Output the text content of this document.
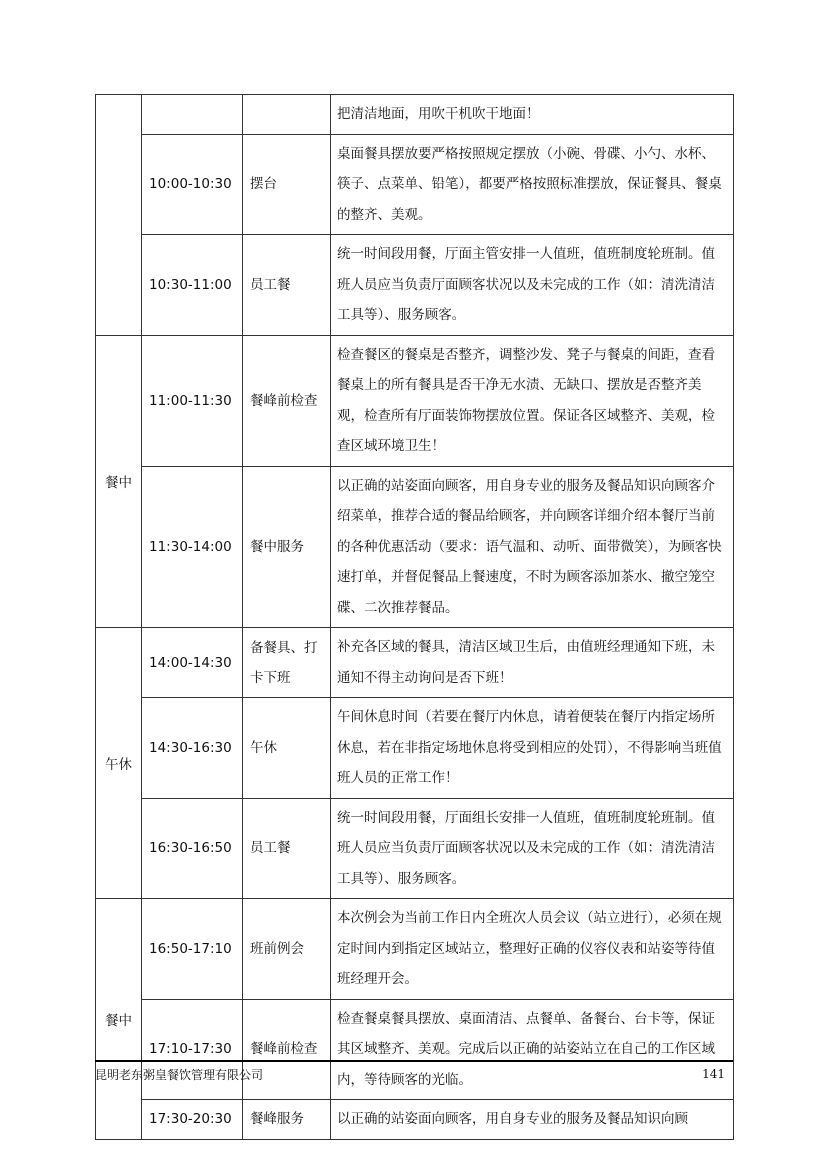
			把清洁地面，用吹干机吹干地面！
	10:00-10:30	摆台	桌面餐具摆放要严格按照规定摆放（小碗、骨碟、小勺、水杯、筷子、点菜单、铅笔），都要严格按照标准摆放，保证餐具、餐桌的整齐、美观。
	10:30-11:00	员工餐	统一时间段用餐，厅面主管安排一人值班，值班制度轮班制。值班人员应当负责厅面顾客状况以及未完成的工作（如：清洗清洁工具等）、服务顾客。
餐中	11:00-11:30	餐峰前检查	检查餐区的餐桌是否整齐，调整沙发、凳子与餐桌的间距，查看餐桌上的所有餐具是否干净无水渍、无缺口、摆放是否整齐美观，检查所有厅面装饰物摆放位置。保证各区域整齐、美观，检查区域环境卫生！
	11:30-14:00	餐中服务	以正确的站姿面向顾客，用自身专业的服务及餐品知识向顾客介绍菜单，推荐合适的餐品给顾客，并向顾客详细介绍本餐厅当前的各种优惠活动（要求：语气温和、动听、面带微笑），为顾客快速打单，并督促餐品上餐速度，不时为顾客添加茶水、撤空笼空碟、二次推荐餐品。
午休	14:00-14:30	备餐具、打卡下班	补充各区域的餐具，清洁区域卫生后，由值班经理通知下班，未通知不得主动询问是否下班！
	14:30-16:30	午休	午间休息时间（若要在餐厅内休息，请着便装在餐厅内指定场所休息，若在非指定场地休息将受到相应的处罚），不得影响当班值班人员的正常工作！
	16:30-16:50	员工餐	统一时间段用餐，厅面组长安排一人值班，值班制度轮班制。值班人员应当负责厅面顾客状况以及未完成的工作（如：清洗清洁工具等）、服务顾客。
餐中	16:50-17:10	班前例会	本次例会为当前工作日内全班次人员会议（站立进行），必须在规定时间内到指定区域站立，整理好正确的仪容仪表和站姿等待值班经理开会。
	17:10-17:30	餐峰前检查	检查餐桌餐具摆放、桌面清洁、点餐单、备餐台、台卡等，保证其区域整齐、美观。完成后以正确的站姿站立在自己的工作区域内，等待顾客的光临。
	17:30-20:30	餐峰服务	以正确的站姿面向顾客，用自身专业的服务及餐品知识向顾
昆明老东粥皇餐饮管理有限公司	141
